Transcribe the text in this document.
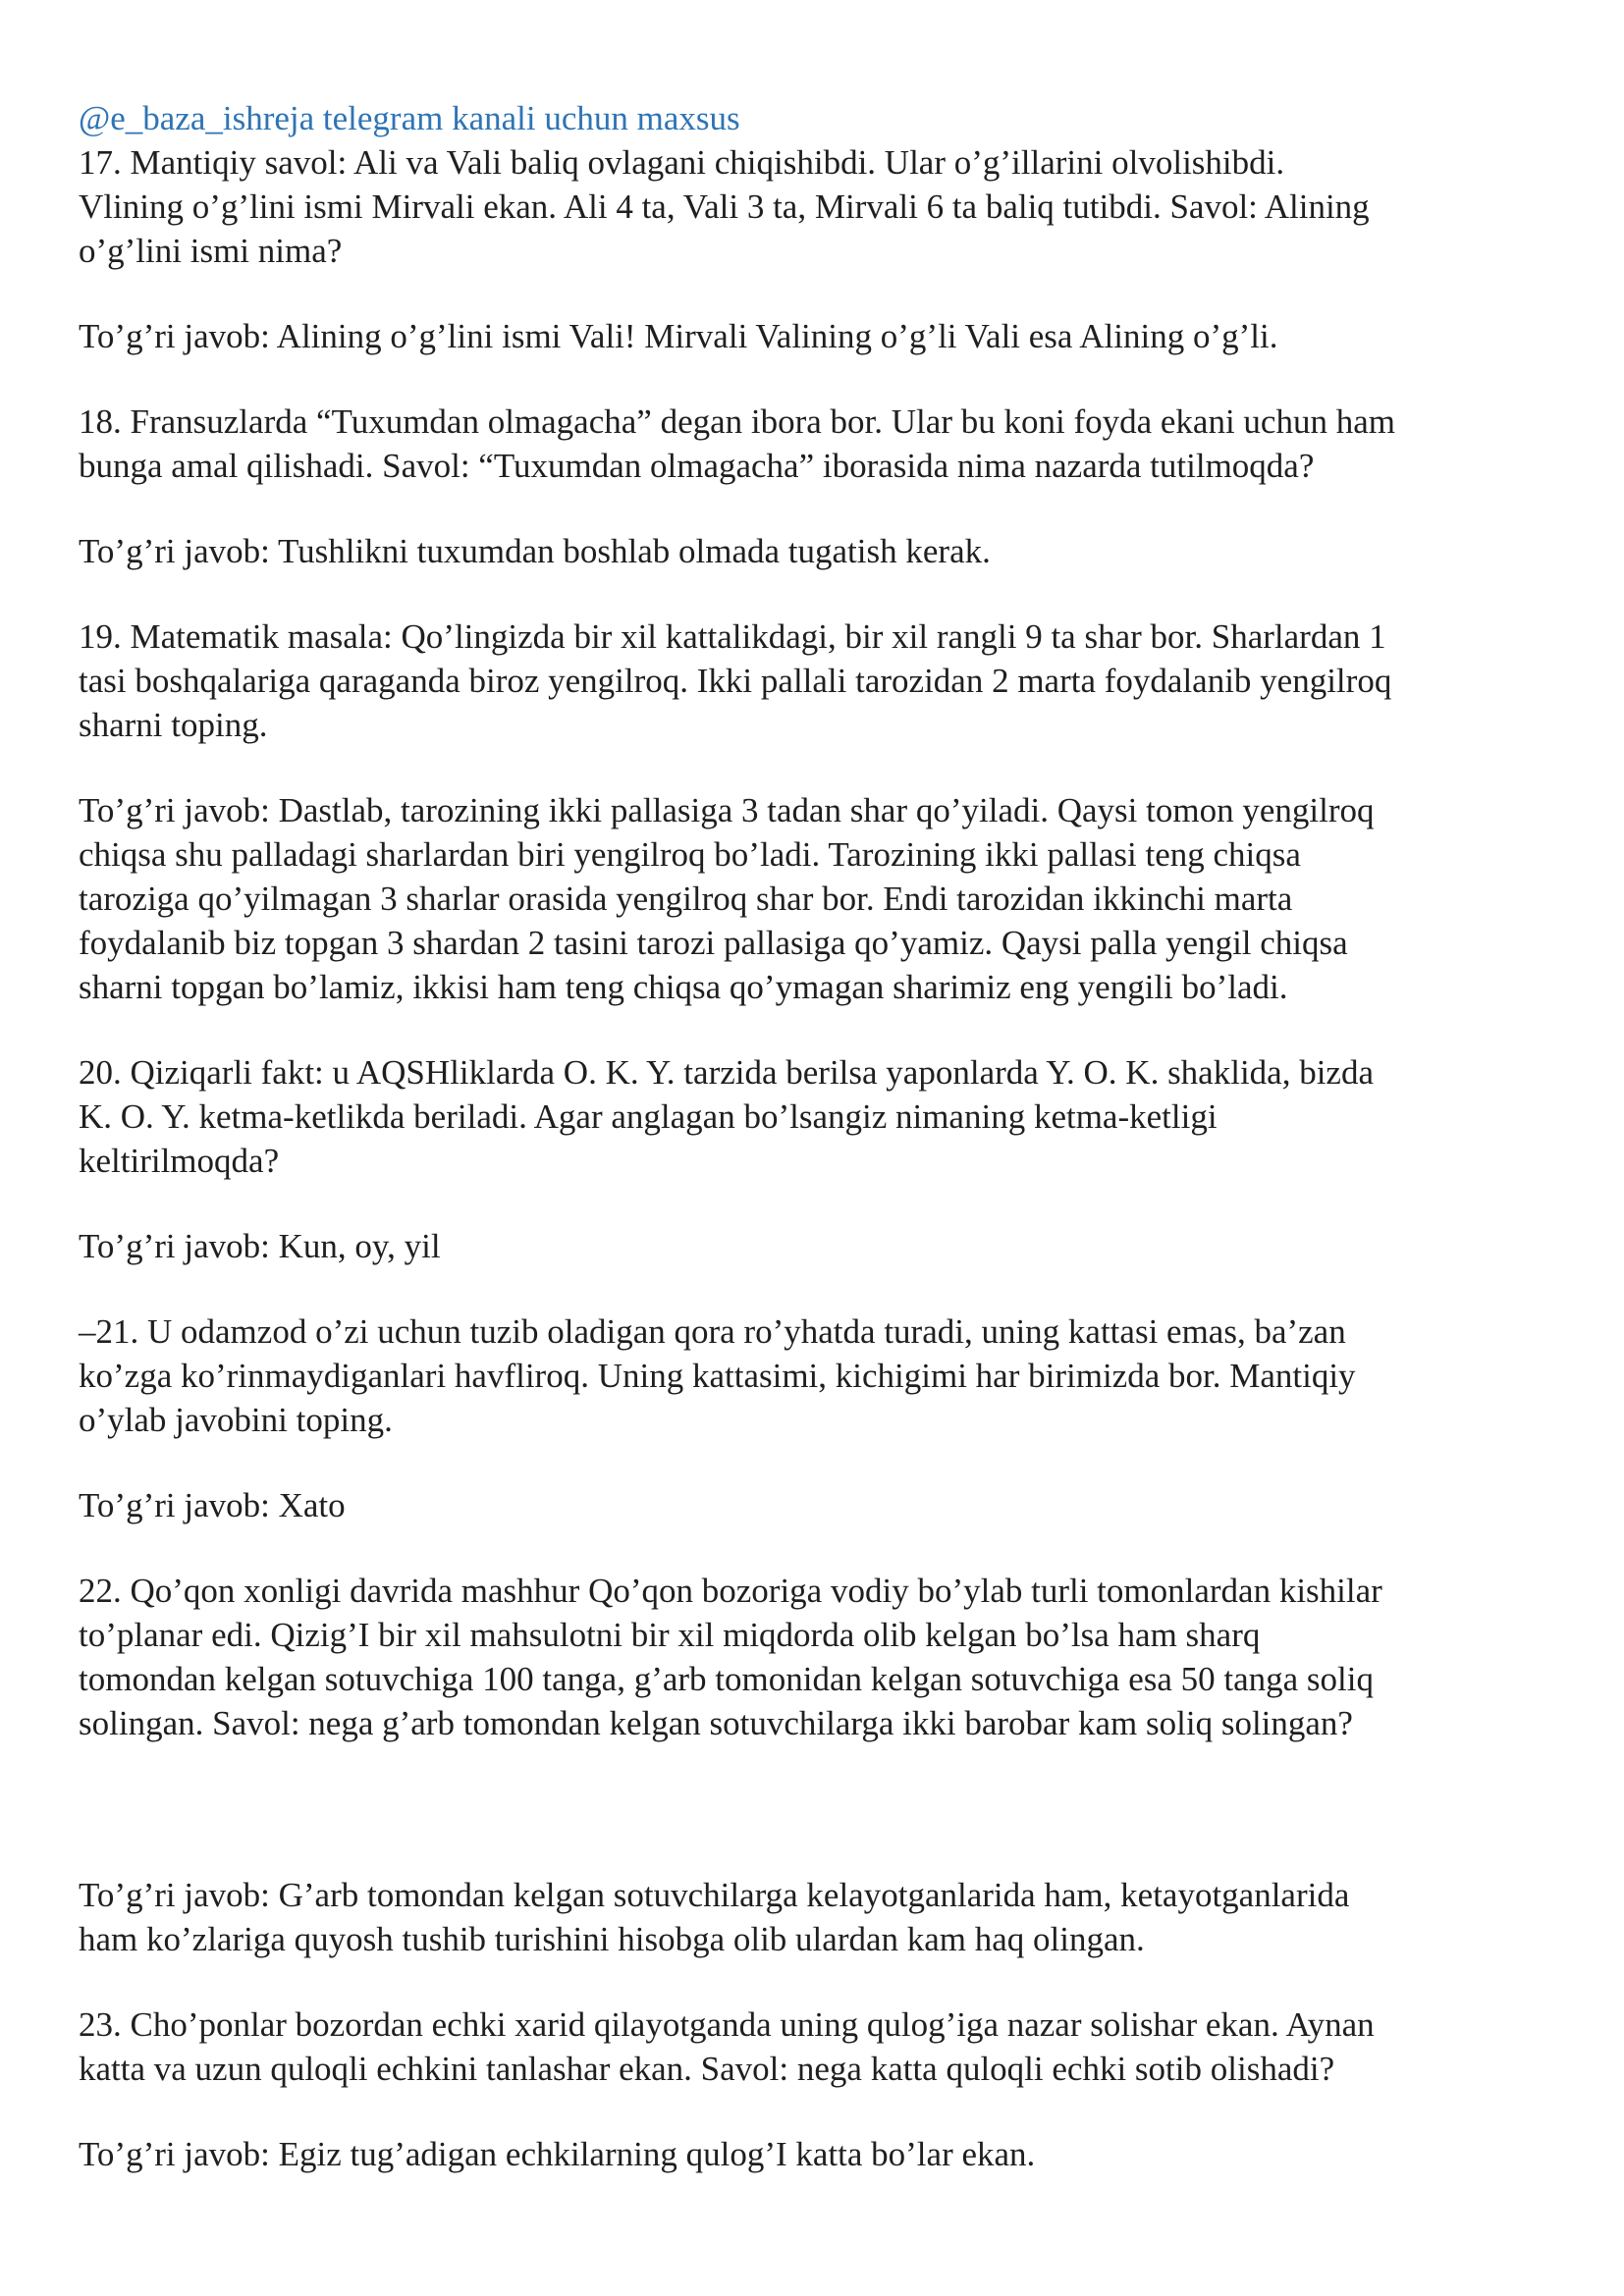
@e_baza_ishreja telegram kanali uchun maxsus

17. Mantiqiy savol: Ali va Vali baliq ovlagani chiqishibdi. Ular o’g’illarini olvolishibdi.
Vlining o’g’lini ismi Mirvali ekan. Ali 4 ta, Vali 3 ta, Mirvali 6 ta baliq tutibdi. Savol: Alining
o’g’lini ismi nima?

To’g’ri javob: Alining o’g’lini ismi Vali! Mirvali Valining o’g’li Vali esa Alining o’g’li.

18. Fransuzlarda “Tuxumdan olmagacha” degan ibora bor. Ular bu koni foyda ekani uchun ham
bunga amal qilishadi. Savol: “Tuxumdan olmagacha” iborasida nima nazarda tutilmoqda?

To’g’ri javob: Tushlikni tuxumdan boshlab olmada tugatish kerak.

19. Matematik masala: Qo’lingizda bir xil kattalikdagi, bir xil rangli 9 ta shar bor. Sharlardan 1
tasi boshqalariga qaraganda biroz yengilroq. Ikki pallali tarozidan 2 marta foydalanib yengilroq
sharni toping.

To’g’ri javob: Dastlab, tarozining ikki pallasiga 3 tadan shar qo’yiladi. Qaysi tomon yengilroq
chiqsa shu palladagi sharlardan biri yengilroq bo’ladi. Tarozining ikki pallasi teng chiqsa
taroziga qo’yilmagan 3 sharlar orasida yengilroq shar bor. Endi tarozidan ikkinchi marta
foydalanib biz topgan 3 shardan 2 tasini tarozi pallasiga qo’yamiz. Qaysi palla yengil chiqsa
sharni topgan bo’lamiz, ikkisi ham teng chiqsa qo’ymagan sharimiz eng yengili bo’ladi.

20. Qiziqarli fakt: u AQSHliklarda O. K. Y. tarzida berilsa yaponlarda Y. O. K. shaklida, bizda
K. O. Y. ketma-ketlikda beriladi. Agar anglagan bo’lsangiz nimaning ketma-ketligi
keltirilmoqda?

To’g’ri javob: Kun, oy, yil

–21. U odamzod o’zi uchun tuzib oladigan qora ro’yhatda turadi, uning kattasi emas, ba’zan
ko’zga ko’rinmaydiganlari havfliroq. Uning kattasimi, kichigimi har birimizda bor. Mantiqiy
o’ylab javobini toping.

To’g’ri javob: Xato

22. Qo’qon xonligi davrida mashhur Qo’qon bozoriga vodiy bo’ylab turli tomonlardan kishilar
to’planar edi. Qizig’I bir xil mahsulotni bir xil miqdorda olib kelgan bo’lsa ham sharq
tomondan kelgan sotuvchiga 100 tanga, g’arb tomonidan kelgan sotuvchiga esa 50 tanga soliq
solingan. Savol: nega g’arb tomondan kelgan sotuvchilarga ikki barobar kam soliq solingan?

To’g’ri javob: G’arb tomondan kelgan sotuvchilarga kelayotganlarida ham, ketayotganlarida
ham ko’zlariga quyosh tushib turishini hisobga olib ulardan kam haq olingan.

23. Cho’ponlar bozordan echki xarid qilayotganda uning qulog’iga nazar solishar ekan. Aynan
katta va uzun quloqli echkini tanlashar ekan. Savol: nega katta quloqli echki sotib olishadi?

To’g’ri javob: Egiz tug’adigan echkilarning qulog’I katta bo’lar ekan.
